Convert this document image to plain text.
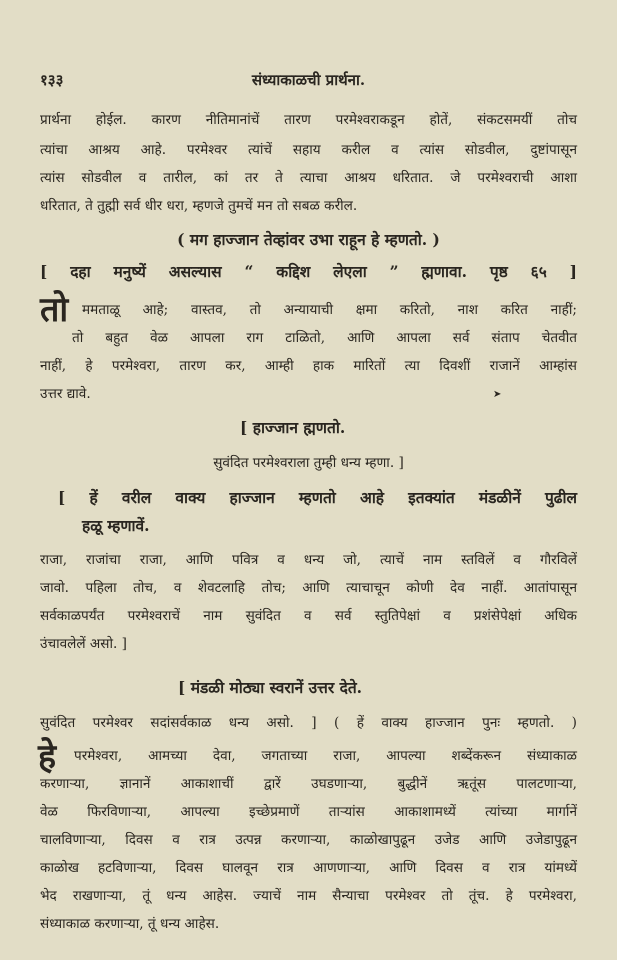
१३३	संध्याकाळची प्रार्थना.
प्रार्थना होईल. कारण नीतिमानांचें तारण परमेश्वराकडून होतें, संकटसमयीं तोच
त्यांचा आश्रय आहे. परमेश्वर त्यांचें सहाय करील व त्यांस सोडवील, दुष्टांपासून
त्यांस सोडवील व तारील, कां तर ते त्याचा आश्रय धरितात. जे परमेश्वराची आशा
धरितात, ते तुह्मी सर्व धीर धरा, म्हणजे तुमचें मन तो सबळ करील.
( मग हाज्जान तेव्हांवर उभा राहून हे म्हणतो. )
[ दहा मनुष्यें असल्यास “ कद्दिश लेएला ” ह्मणावा. पृष्ठ ६५ ]
तो ममताळू आहे; वास्तव, तो अन्यायाची क्षमा करितो, नाश करित नाहीं;
तो बहुत वेळ आपला राग टाळितो, आणि आपला सर्व संताप चेतवीत
नाहीं, हे परमेश्वरा, तारण कर, आम्ही हाक मारितों त्या दिवशीं राजानें आम्हांस
उत्तर द्यावे.	➤
[ हाज्जान ह्मणतो.
सुवंदित परमेश्वराला तुम्ही धन्य म्हणा. ]
[ हें वरील वाक्य हाज्जान म्हणतो आहे इतक्यांत मंडळीनें पुढील
हळू म्हणावें.
राजा, राजांचा राजा, आणि पवित्र व धन्य जो, त्याचें नाम स्तविलें व गौरविलें
जावो. पहिला तोच, व शेवटलाहि तोच; आणि त्याचाचून कोणी देव नाहीं. आतांपासून
सर्वकाळपर्यंत परमेश्वराचें नाम सुवंदित व सर्व स्तुतिपेक्षां व प्रशंसेपेक्षां अधिक
उंचावलेलें असो. ]
[ मंडळी मोठ्या स्वरानें उत्तर देते.
सुवंदित परमेश्वर सदांसर्वकाळ धन्य असो. ] ( हें वाक्य हाज्जान पुनः म्हणतो. )
हे परमेश्वरा, आमच्या देवा, जगताच्या राजा, आपल्या शब्देंकरून संध्याकाळ
करणाऱ्या, ज्ञानानें आकाशाचीं द्वारें उघडणाऱ्या, बुद्धीनें ऋतूंस पालटणाऱ्या,
वेळ फिरविणाऱ्या, आपल्या इच्छेप्रमाणें ताऱ्यांस आकाशामध्यें त्यांच्या मार्गानें
चालविणाऱ्या, दिवस व रात्र उत्पन्न करणाऱ्या, काळोखापुढून उजेड आणि उजेडापुढून
काळोख हटविणाऱ्या, दिवस घालवून रात्र आणणाऱ्या, आणि दिवस व रात्र यांमध्यें
भेद राखणाऱ्या, तूं धन्य आहेस. ज्याचें नाम सैन्याचा परमेश्वर तो तूंच. हे परमेश्वरा,
संध्याकाळ करणाऱ्या, तूं धन्य आहेस.
